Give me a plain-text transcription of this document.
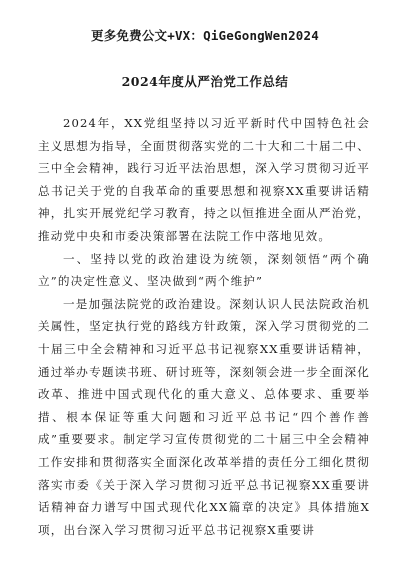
更多免费公文+VX：QiGeGongWen2024
2024年度从严治党工作总结

2024年，XX党组坚持以习近平新时代中国特色社会主义思想为指导，全面贯彻落实党的二十大和二十届二中、三中全会精神，践行习近平法治思想，深入学习贯彻习近平总书记关于党的自我革命的重要思想和视察XX重要讲话精神，扎实开展党纪学习教育，持之以恒推进全面从严治党，推动党中央和市委决策部署在法院工作中落地见效。

一、坚持以党的政治建设为统领，深刻领悟“两个确立”的决定性意义、坚决做到“两个维护”

一是加强法院党的政治建设。深刻认识人民法院政治机关属性，坚定执行党的路线方针政策，深入学习贯彻党的二十届三中全会精神和习近平总书记视察XX重要讲话精神，通过举办专题读书班、研讨班等，深刻领会进一步全面深化改革、推进中国式现代化的重大意义、总体要求、重要举措、根本保证等重大问题和习近平总书记“四个善作善成”重要要求。制定学习宣传贯彻党的二十届三中全会精神工作安排和贯彻落实全面深化改革举措的责任分工细化贯彻落实市委《关于深入学习贯彻习近平总书记视察XX重要讲话精神奋力谱写中国式现代化XX篇章的决定》具体措施X项，出台深入学习贯彻习近平总书记视察X重要讲
